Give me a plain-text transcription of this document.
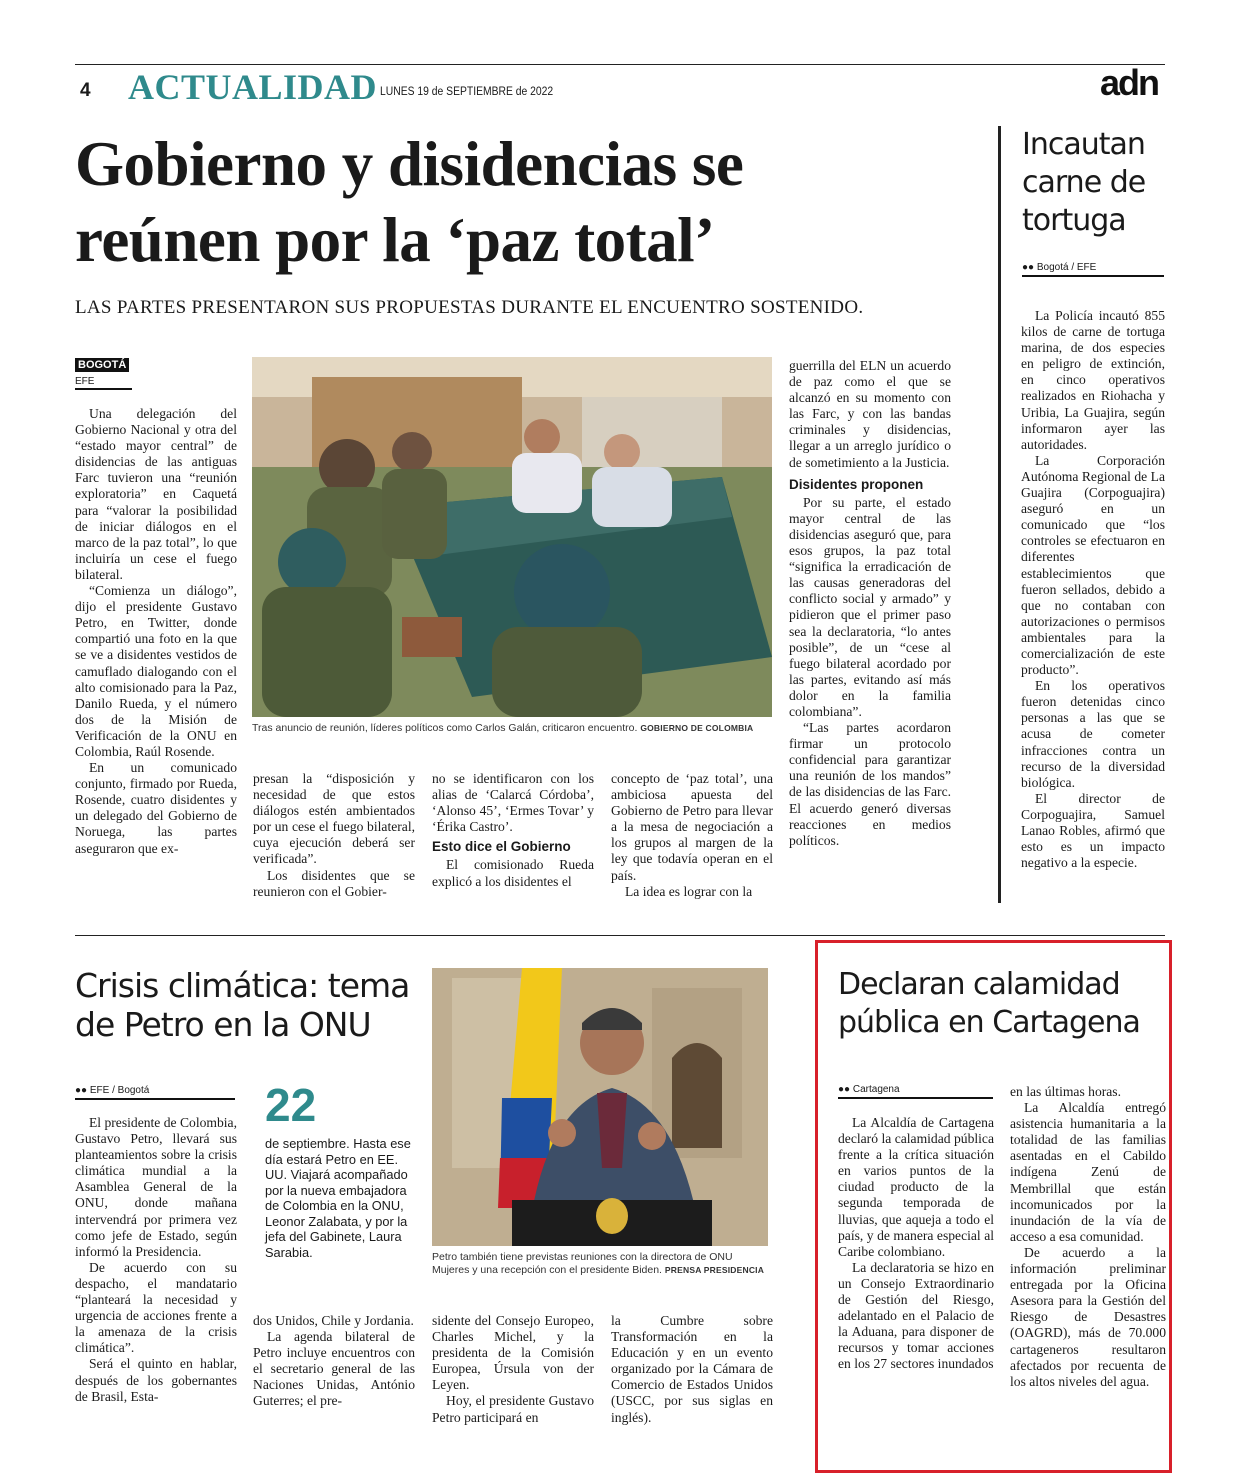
4 ACTUALIDAD LUNES 19 de SEPTIEMBRE de 2022	adn
Gobierno y disidencias se
reúnen por la ‘paz total’
LAS PARTES PRESENTARON SUS PROPUESTAS DURANTE EL ENCUENTRO SOSTENIDO.
BOGOTÁ
EFE

Una delegación del Gobierno Nacional y otra del “estado mayor central” de disidencias de las antiguas Farc tuvieron una “reunión exploratoria” en Caquetá para “valorar la posibilidad de iniciar diálogos en el marco de la paz total”, lo que incluiría un cese el fuego bilateral.

“Comienza un diálogo”, dijo el presidente Gustavo Petro, en Twitter, donde compartió una foto en la que se ve a disidentes vestidos de camuflado dialogando con el alto comisionado para la Paz, Danilo Rueda, y el número dos de la Misión de Verificación de la ONU en Colombia, Raúl Rosende.

En un comunicado conjunto, firmado por Rueda, Rosende, cuatro disidentes y un delegado del Gobierno de Noruega, las partes aseguraron que ex-

Tras anuncio de reunión, líderes políticos como Carlos Galán, criticaron encuentro. GOBIERNO DE COLOMBIA

presan la “disposición y necesidad de que estos diálogos estén ambientados por un cese el fuego bilateral, cuya ejecución deberá ser verificada”.

Los disidentes que se reunieron con el Gobier-

no se identificaron con los alias de ‘Calarcá Córdoba’, ‘Alonso 45’, ‘Ermes Tovar’ y ‘Érika Castro’.

Esto dice el Gobierno

El comisionado Rueda explicó a los disidentes el

concepto de ‘paz total’, una ambiciosa apuesta del Gobierno de Petro para llevar a la mesa de negociación a los grupos al margen de la ley que todavía operan en el país.

La idea es lograr con la

guerrilla del ELN un acuerdo de paz como el que se alcanzó en su momento con las Farc, y con las bandas criminales y disidencias, llegar a un arreglo jurídico o de sometimiento a la Justicia.

Disidentes proponen

Por su parte, el estado mayor central de las disidencias aseguró que, para esos grupos, la paz total “significa la erradicación de las causas generadoras del conflicto social y armado” y pidieron que el primer paso sea la declaratoria, “lo antes posible”, de un “cese al fuego bilateral acordado por las partes, evitando así más dolor en la familia colombiana”.

“Las partes acordaron firmar un protocolo confidencial para garantizar una reunión de los mandos” de las disidencias de las Farc. El acuerdo generó diversas reacciones en medios políticos.

Incautan
carne de
tortuga
●● Bogotá / EFE

La Policía incautó 855 kilos de carne de tortuga marina, de dos especies en peligro de extinción, en cinco operativos realizados en Riohacha y Uribia, La Guajira, según informaron ayer las autoridades.

La Corporación Autónoma Regional de La Guajira (Corpoguajira) aseguró en un comunicado que “los controles se efectuaron en diferentes establecimientos que fueron sellados, debido a que no contaban con autorizaciones o permisos ambientales para la comercialización de este producto”.

En los operativos fueron detenidas cinco personas a las que se acusa de cometer infracciones contra un recurso de la diversidad biológica.

El director de Corpoguajira, Samuel Lanao Robles, afirmó que esto es un impacto negativo a la especie.

Crisis climática: tema
de Petro en la ONU
●● EFE / Bogotá

El presidente de Colombia, Gustavo Petro, llevará sus planteamientos sobre la crisis climática mundial a la Asamblea General de la ONU, donde mañana intervendrá por primera vez como jefe de Estado, según informó la Presidencia.

De acuerdo con su despacho, el mandatario “planteará la necesidad y urgencia de acciones frente a la amenaza de la crisis climática”.

Será el quinto en hablar, después de los gobernantes de Brasil, Esta-

22

de septiembre. Hasta ese día estará Petro en EE. UU. Viajará acompañado por la nueva embajadora de Colombia en la ONU, Leonor Zalabata, y por la jefa del Gabinete, Laura Sarabia.	Petro también tiene previstas reuniones con la directora de ONU Mujeres y una recepción con el presidente Biden. PRENSA PRESIDENCIA

dos Unidos, Chile y Jordania.

La agenda bilateral de Petro incluye encuentros con el secretario general de las Naciones Unidas, António Guterres; el pre-

sidente del Consejo Europeo, Charles Michel, y la presidenta de la Comisión Europea, Úrsula von der Leyen.

Hoy, el presidente Gustavo Petro participará en

la Cumbre sobre Transformación en la Educación y en un evento organizado por la Cámara de Comercio de Estados Unidos (USCC, por sus siglas en inglés).

Declaran calamidad
pública en Cartagena
●● Cartagena

La Alcaldía de Cartagena declaró la calamidad pública frente a la crítica situación en varios puntos de la ciudad producto de la segunda temporada de lluvias, que aqueja a todo el país, y de manera especial al Caribe colombiano.

La declaratoria se hizo en un Consejo Extraordinario de Gestión del Riesgo, adelantado en el Palacio de la Aduana, para disponer de recursos y tomar acciones en los 27 sectores inundados

en las últimas horas.

La Alcaldía entregó asistencia humanitaria a la totalidad de las familias asentadas en el Cabildo indígena Zenú de Membrillal que están incomunicados por la inundación de la vía de acceso a esa comunidad.

De acuerdo a la información preliminar entregada por la Oficina Asesora para la Gestión del Riesgo de Desastres (OAGRD), más de 70.000 cartageneros resultaron afectados por recuenta de los altos niveles del agua.
